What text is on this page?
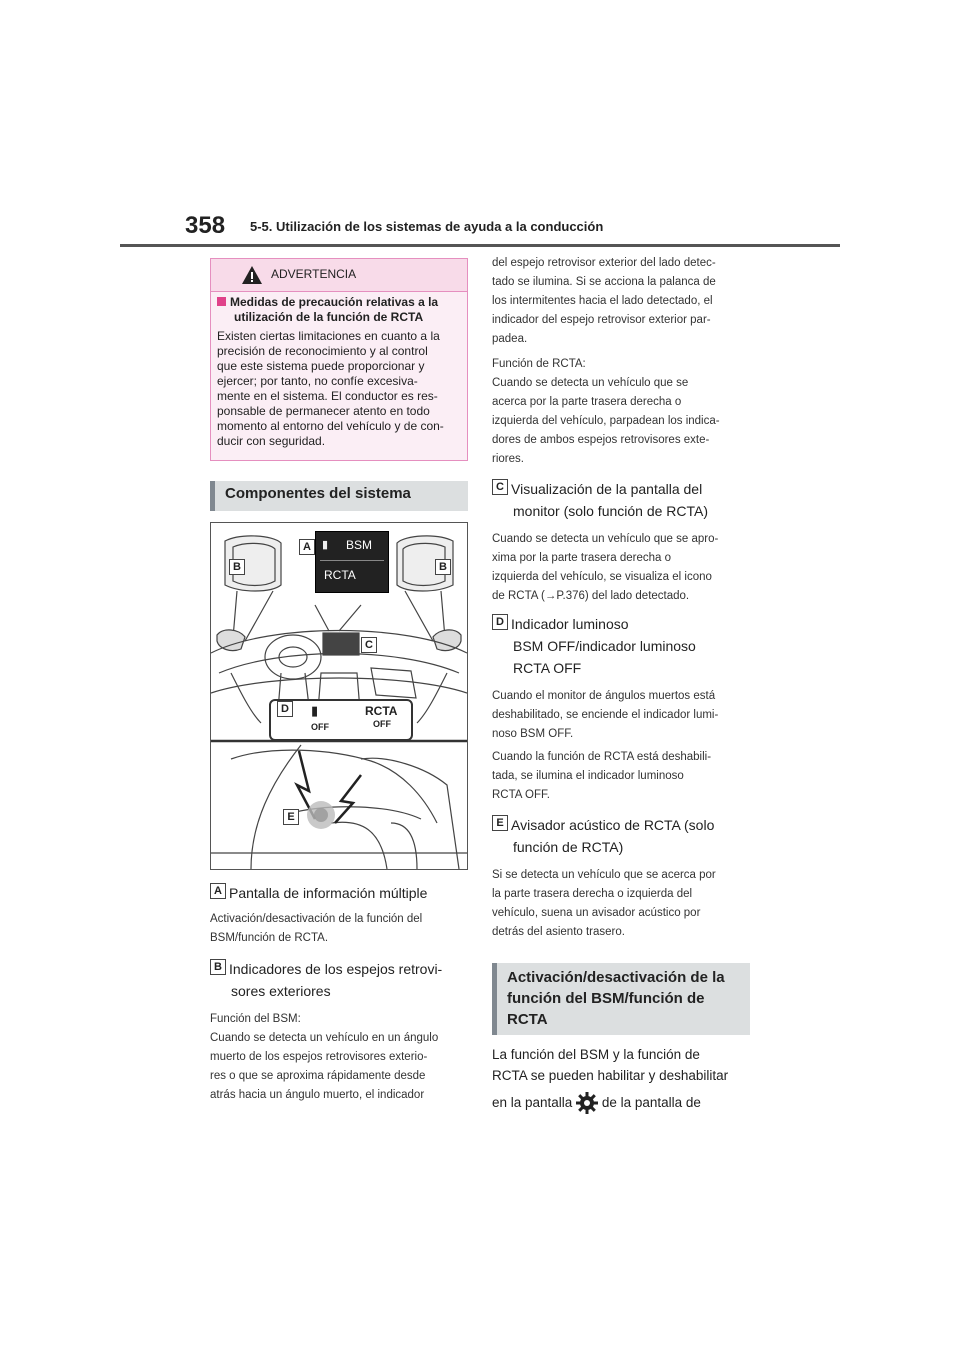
358 5-5. Utilización de los sistemas de ayuda a la conducción
ADVERTENCIA
Medidas de precaución relativas a la
utilización de la función de RCTA
Existen ciertas limitaciones en cuanto a la
precisión de reconocimiento y al control
que este sistema puede proporcionar y
ejercer; por tanto, no confíe excesiva-
mente en el sistema. El conductor es res-
ponsable de permanecer atento en todo
momento al entorno del vehículo y de con-
ducir con seguridad.
Componentes del sistema
▮ BSM
RCTA
▮
OFF
RCTA
OFF
A
B	B
C
D
E
A Pantalla de información múltiple
Activación/desactivación de la función del
BSM/función de RCTA.
B Indicadores de los espejos retrovi-
sores exteriores
Función del BSM:
Cuando se detecta un vehículo en un ángulo
muerto de los espejos retrovisores exterio-
res o que se aproxima rápidamente desde
atrás hacia un ángulo muerto, el indicador
del espejo retrovisor exterior del lado detec-
tado se ilumina. Si se acciona la palanca de
los intermitentes hacia el lado detectado, el
indicador del espejo retrovisor exterior par-
padea.
Función de RCTA:
Cuando se detecta un vehículo que se
acerca por la parte trasera derecha o
izquierda del vehículo, parpadean los indica-
dores de ambos espejos retrovisores exte-
riores.
C Visualización de la pantalla del
monitor (solo función de RCTA)
Cuando se detecta un vehículo que se apro-
xima por la parte trasera derecha o
izquierda del vehículo, se visualiza el icono
de RCTA (→P.376) del lado detectado.
D Indicador luminoso
BSM OFF/indicador luminoso
RCTA OFF
Cuando el monitor de ángulos muertos está
deshabilitado, se enciende el indicador lumi-
noso BSM OFF.
Cuando la función de RCTA está deshabili-
tada, se ilumina el indicador luminoso
RCTA OFF.
E Avisador acústico de RCTA (solo
función de RCTA)
Si se detecta un vehículo que se acerca por
la parte trasera derecha o izquierda del
vehículo, suena un avisador acústico por
detrás del asiento trasero.
Activación/desactivación de la
función del BSM/función de
RCTA
La función del BSM y la función de
RCTA se pueden habilitar y deshabilitar
en la pantalla de la pantalla de
